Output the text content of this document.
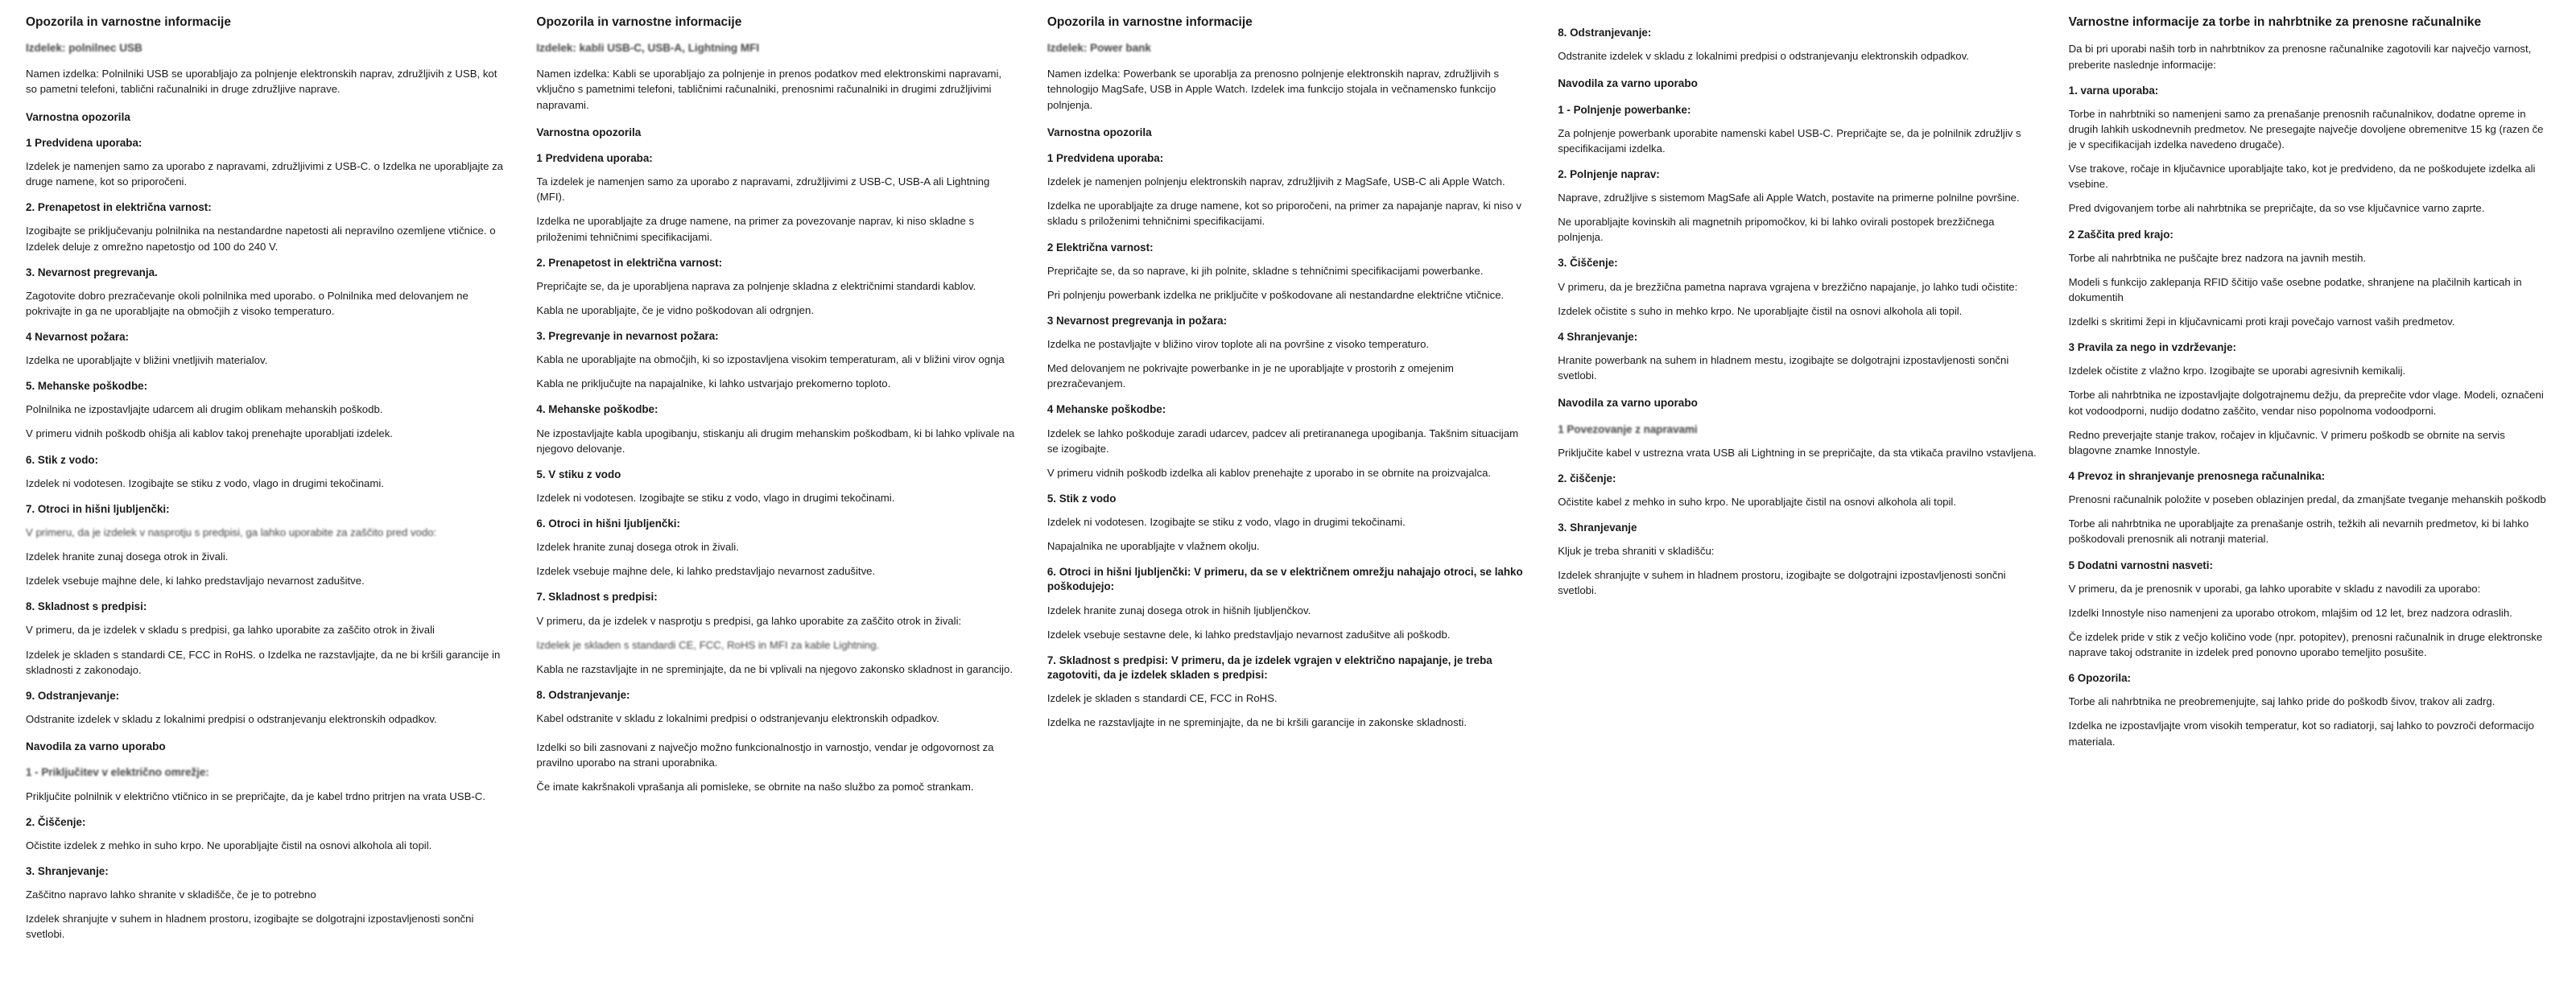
Opozorila in varnostne informacije
Izdelek: polnilnec USB

Namen izdelka: Polnilniki USB se uporabljajo za polnjenje elektronskih naprav, združljivih z USB, kot so pametni telefoni, tablični računalniki in druge združljive naprave.

Varnostna opozorila
1 Predvidena uporaba:

Izdelek je namenjen samo za uporabo z napravami, združljivimi z USB-C. o Izdelka ne uporabljajte za druge namene, kot so priporočeni.

2. Prenapetost in električna varnost:

Izogibajte se priključevanju polnilnika na nestandardne napetosti ali nepravilno ozemljene vtičnice. o Izdelek deluje z omrežno napetostjo od 100 do 240 V.

3. Nevarnost pregrevanja.

Zagotovite dobro prezračevanje okoli polnilnika med uporabo. o Polnilnika med delovanjem ne pokrivajte in ga ne uporabljajte na območjih z visoko temperaturo.

4 Nevarnost požara:

Izdelka ne uporabljajte v bližini vnetljivih materialov.

5. Mehanske poškodbe:

Polnilnika ne izpostavljajte udarcem ali drugim oblikam mehanskih poškodb.

V primeru vidnih poškodb ohišja ali kablov takoj prenehajte uporabljati izdelek.

6. Stik z vodo:

Izdelek ni vodotesen. Izogibajte se stiku z vodo, vlago in drugimi tekočinami.

7. Otroci in hišni ljubljenčki:

V primeru, da je izdelek v nasprotju s predpisi, ga lahko uporabite za zaščito pred vodo:

Izdelek hranite zunaj dosega otrok in živali.

Izdelek vsebuje majhne dele, ki lahko predstavljajo nevarnost zadušitve.

8. Skladnost s predpisi:

V primeru, da je izdelek v skladu s predpisi, ga lahko uporabite za zaščito otrok in živali

Izdelek je skladen s standardi CE, FCC in RoHS. o Izdelka ne razstavljajte, da ne bi kršili garancije in skladnosti z zakonodajo.

9. Odstranjevanje:

Odstranite izdelek v skladu z lokalnimi predpisi o odstranjevanju elektronskih odpadkov.

Navodila za varno uporabo
1 - Priključitev v električno omrežje:

Priključite polnilnik v električno vtičnico in se prepričajte, da je kabel trdno pritrjen na vrata USB-C.

2. Čiščenje:

Očistite izdelek z mehko in suho krpo. Ne uporabljajte čistil na osnovi alkohola ali topil.

3. Shranjevanje:

Zaščitno napravo lahko shranite v skladišče, če je to potrebno

Izdelek shranjujte v suhem in hladnem prostoru, izogibajte se dolgotrajni izpostavljenosti sončni svetlobi.

Opozorila in varnostne informacije
Izdelek: kabli USB-C, USB-A, Lightning MFI

Namen izdelka: Kabli se uporabljajo za polnjenje in prenos podatkov med elektronskimi napravami, vključno s pametnimi telefoni, tabličnimi računalniki, prenosnimi računalniki in drugimi združljivimi napravami.

Varnostna opozorila
1 Predvidena uporaba:

Ta izdelek je namenjen samo za uporabo z napravami, združljivimi z USB-C, USB-A ali Lightning (MFI).

Izdelka ne uporabljajte za druge namene, na primer za povezovanje naprav, ki niso skladne s priloženimi tehničnimi specifikacijami.

2. Prenapetost in električna varnost:

Prepričajte se, da je uporabljena naprava za polnjenje skladna z električnimi standardi kablov.

Kabla ne uporabljajte, če je vidno poškodovan ali odrgnjen.

3. Pregrevanje in nevarnost požara:

Kabla ne uporabljajte na območjih, ki so izpostavljena visokim temperaturam, ali v bližini virov ognja

Kabla ne priključujte na napajalnike, ki lahko ustvarjajo prekomerno toploto.

4. Mehanske poškodbe:

Ne izpostavljajte kabla upogibanju, stiskanju ali drugim mehanskim poškodbam, ki bi lahko vplivale na njegovo delovanje.

5. V stiku z vodo

Izdelek ni vodotesen. Izogibajte se stiku z vodo, vlago in drugimi tekočinami.

6. Otroci in hišni ljubljenčki:

Izdelek hranite zunaj dosega otrok in živali.

Izdelek vsebuje majhne dele, ki lahko predstavljajo nevarnost zadušitve.

7. Skladnost s predpisi:

V primeru, da je izdelek v nasprotju s predpisi, ga lahko uporabite za zaščito otrok in živali:

Izdelek je skladen s standardi CE, FCC, RoHS in MFI za kable Lightning.

Kabla ne razstavljajte in ne spreminjajte, da ne bi vplivali na njegovo zakonsko skladnost in garancijo.

8. Odstranjevanje:

Kabel odstranite v skladu z lokalnimi predpisi o odstranjevanju elektronskih odpadkov.

Izdelki so bili zasnovani z največjo možno funkcionalnostjo in varnostjo, vendar je odgovornost za pravilno uporabo na strani uporabnika.

Če imate kakršnakoli vprašanja ali pomisleke, se obrnite na našo službo za pomoč strankam.

Opozorila in varnostne informacije
Izdelek: Power bank

Namen izdelka: Powerbank se uporablja za prenosno polnjenje elektronskih naprav, združljivih s tehnologijo MagSafe, USB in Apple Watch. Izdelek ima funkcijo stojala in večnamensko funkcijo polnjenja.

Varnostna opozorila
1 Predvidena uporaba:

Izdelek je namenjen polnjenju elektronskih naprav, združljivih z MagSafe, USB-C ali Apple Watch.

Izdelka ne uporabljajte za druge namene, kot so priporočeni, na primer za napajanje naprav, ki niso v skladu s priloženimi tehničnimi specifikacijami.

2 Električna varnost:

Prepričajte se, da so naprave, ki jih polnite, skladne s tehničnimi specifikacijami powerbanke.

Pri polnjenju powerbank izdelka ne priključite v poškodovane ali nestandardne električne vtičnice.

3 Nevarnost pregrevanja in požara:

Izdelka ne postavljajte v bližino virov toplote ali na površine z visoko temperaturo.

Med delovanjem ne pokrivajte powerbanke in je ne uporabljajte v prostorih z omejenim prezračevanjem.

4 Mehanske poškodbe:

Izdelek se lahko poškoduje zaradi udarcev, padcev ali pretirananega upogibanja. Takšnim situacijam se izogibajte.

V primeru vidnih poškodb izdelka ali kablov prenehajte z uporabo in se obrnite na proizvajalca.

5. Stik z vodo

Izdelek ni vodotesen. Izogibajte se stiku z vodo, vlago in drugimi tekočinami.

Napajalnika ne uporabljajte v vlažnem okolju.

6. Otroci in hišni ljubljenčki: V primeru, da se v električnem omrežju nahajajo otroci, se lahko poškodujejo:

Izdelek hranite zunaj dosega otrok in hišnih ljubljenčkov.

Izdelek vsebuje sestavne dele, ki lahko predstavljajo nevarnost zadušitve ali poškodb.

7. Skladnost s predpisi: V primeru, da je izdelek vgrajen v električno napajanje, je treba zagotoviti, da je izdelek skladen s predpisi:

Izdelek je skladen s standardi CE, FCC in RoHS.

Izdelka ne razstavljajte in ne spreminjajte, da ne bi kršili garancije in zakonske skladnosti.

8. Odstranjevanje:

Odstranite izdelek v skladu z lokalnimi predpisi o odstranjevanju elektronskih odpadkov.

Navodila za varno uporabo
1 - Polnjenje powerbanke:

Za polnjenje powerbank uporabite namenski kabel USB-C. Prepričajte se, da je polnilnik združljiv s specifikacijami izdelka.

2. Polnjenje naprav:

Naprave, združljive s sistemom MagSafe ali Apple Watch, postavite na primerne polnilne površine.

Ne uporabljajte kovinskih ali magnetnih pripomočkov, ki bi lahko ovirali postopek brezžičnega polnjenja.

3. Čiščenje:

V primeru, da je brezžična pametna naprava vgrajena v brezžično napajanje, jo lahko tudi očistite:

Izdelek očistite s suho in mehko krpo. Ne uporabljajte čistil na osnovi alkohola ali topil.

4 Shranjevanje:

Hranite powerbank na suhem in hladnem mestu, izogibajte se dolgotrajni izpostavljenosti sončni svetlobi.

Navodila za varno uporabo
1 Povezovanje z napravami

Priključite kabel v ustrezna vrata USB ali Lightning in se prepričajte, da sta vtikača pravilno vstavljena.

2. čiščenje:

Očistite kabel z mehko in suho krpo. Ne uporabljajte čistil na osnovi alkohola ali topil.

3. Shranjevanje

Kljuk je treba shraniti v skladišču:

Izdelek shranjujte v suhem in hladnem prostoru, izogibajte se dolgotrajni izpostavljenosti sončni svetlobi.

Varnostne informacije za torbe in nahrbtnike za prenosne računalnike

Da bi pri uporabi naših torb in nahrbtnikov za prenosne računalnike zagotovili kar največjo varnost, preberite naslednje informacije:

1. varna uporaba:

Torbe in nahrbtniki so namenjeni samo za prenašanje prenosnih računalnikov, dodatne opreme in drugih lahkih uskodnevnih predmetov. Ne presegajte največje dovoljene obremenitve 15 kg (razen če je v specifikacijah izdelka navedeno drugače).

Vse trakove, ročaje in ključavnice uporabljajte tako, kot je predvideno, da ne poškodujete izdelka ali vsebine.

Pred dvigovanjem torbe ali nahrbtnika se prepričajte, da so vse ključavnice varno zaprte.

2 Zaščita pred krajo:

Torbe ali nahrbtnika ne puščajte brez nadzora na javnih mestih.

Modeli s funkcijo zaklepanja RFID ščitijo vaše osebne podatke, shranjene na plačilnih karticah in dokumentih

Izdelki s skritimi žepi in ključavnicami proti kraji povečajo varnost vaših predmetov.

3 Pravila za nego in vzdrževanje:

Izdelek očistite z vlažno krpo. Izogibajte se uporabi agresivnih kemikalij.

Torbe ali nahrbtnika ne izpostavljajte dolgotrajnemu dežju, da preprečite vdor vlage. Modeli, označeni kot vodoodporni, nudijo dodatno zaščito, vendar niso popolnoma vodoodporni.

Redno preverjajte stanje trakov, ročajev in ključavnic. V primeru poškodb se obrnite na servis blagovne znamke Innostyle.

4 Prevoz in shranjevanje prenosnega računalnika:

Prenosni računalnik položite v poseben oblazinjen predal, da zmanjšate tveganje mehanskih poškodb

Torbe ali nahrbtnika ne uporabljajte za prenašanje ostrih, težkih ali nevarnih predmetov, ki bi lahko poškodovali prenosnik ali notranji material.

5 Dodatni varnostni nasveti:

V primeru, da je prenosnik v uporabi, ga lahko uporabite v skladu z navodili za uporabo:

Izdelki Innostyle niso namenjeni za uporabo otrokom, mlajšim od 12 let, brez nadzora odraslih.

Če izdelek pride v stik z večjo količino vode (npr. potopitev), prenosni računalnik in druge elektronske naprave takoj odstranite in izdelek pred ponovno uporabo temeljito posušite.

6 Opozorila:

Torbe ali nahrbtnika ne preobremenjujte, saj lahko pride do poškodb šivov, trakov ali zadrg.

Izdelka ne izpostavljajte vrom visokih temperatur, kot so radiatorji, saj lahko to povzroči deformacijo materiala.
